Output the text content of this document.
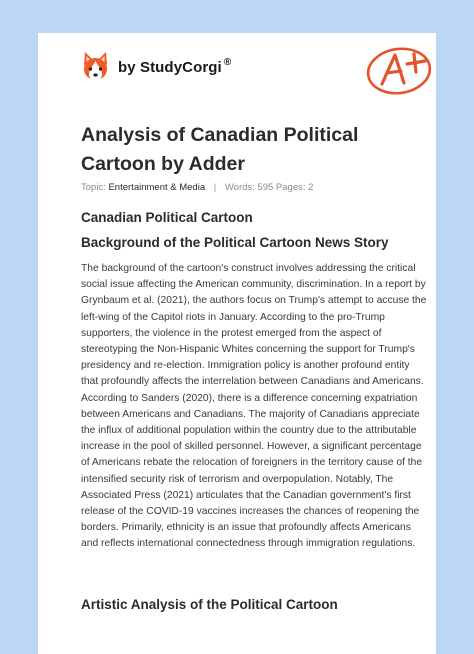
by StudyCorgi ®
Analysis of Canadian Political Cartoon by Adder
Topic: Entertainment & Media | Words: 595 Pages: 2
Canadian Political Cartoon
Background of the Political Cartoon News Story

The background of the cartoon's construct involves addressing the critical social issue affecting the American community, discrimination. In a report by Grynbaum et al. (2021), the authors focus on Trump's attempt to accuse the left-wing of the Capitol riots in January. According to the pro-Trump supporters, the violence in the protest emerged from the aspect of stereotyping the Non-Hispanic Whites concerning the support for Trump's presidency and re-election. Immigration policy is another profound entity that profoundly affects the interrelation between Canadians and Americans. According to Sanders (2020), there is a difference concerning expatriation between Americans and Canadians. The majority of Canadians appreciate the influx of additional population within the country due to the attributable increase in the pool of skilled personnel. However, a significant percentage of Americans rebate the relocation of foreigners in the territory cause of the intensified security risk of terrorism and overpopulation. Notably, The Associated Press (2021) articulates that the Canadian government's first release of the COVID-19 vaccines increases the chances of reopening the borders. Primarily, ethnicity is an issue that profoundly affects Americans and reflects international connectedness through immigration regulations.

Artistic Analysis of the Political Cartoon
